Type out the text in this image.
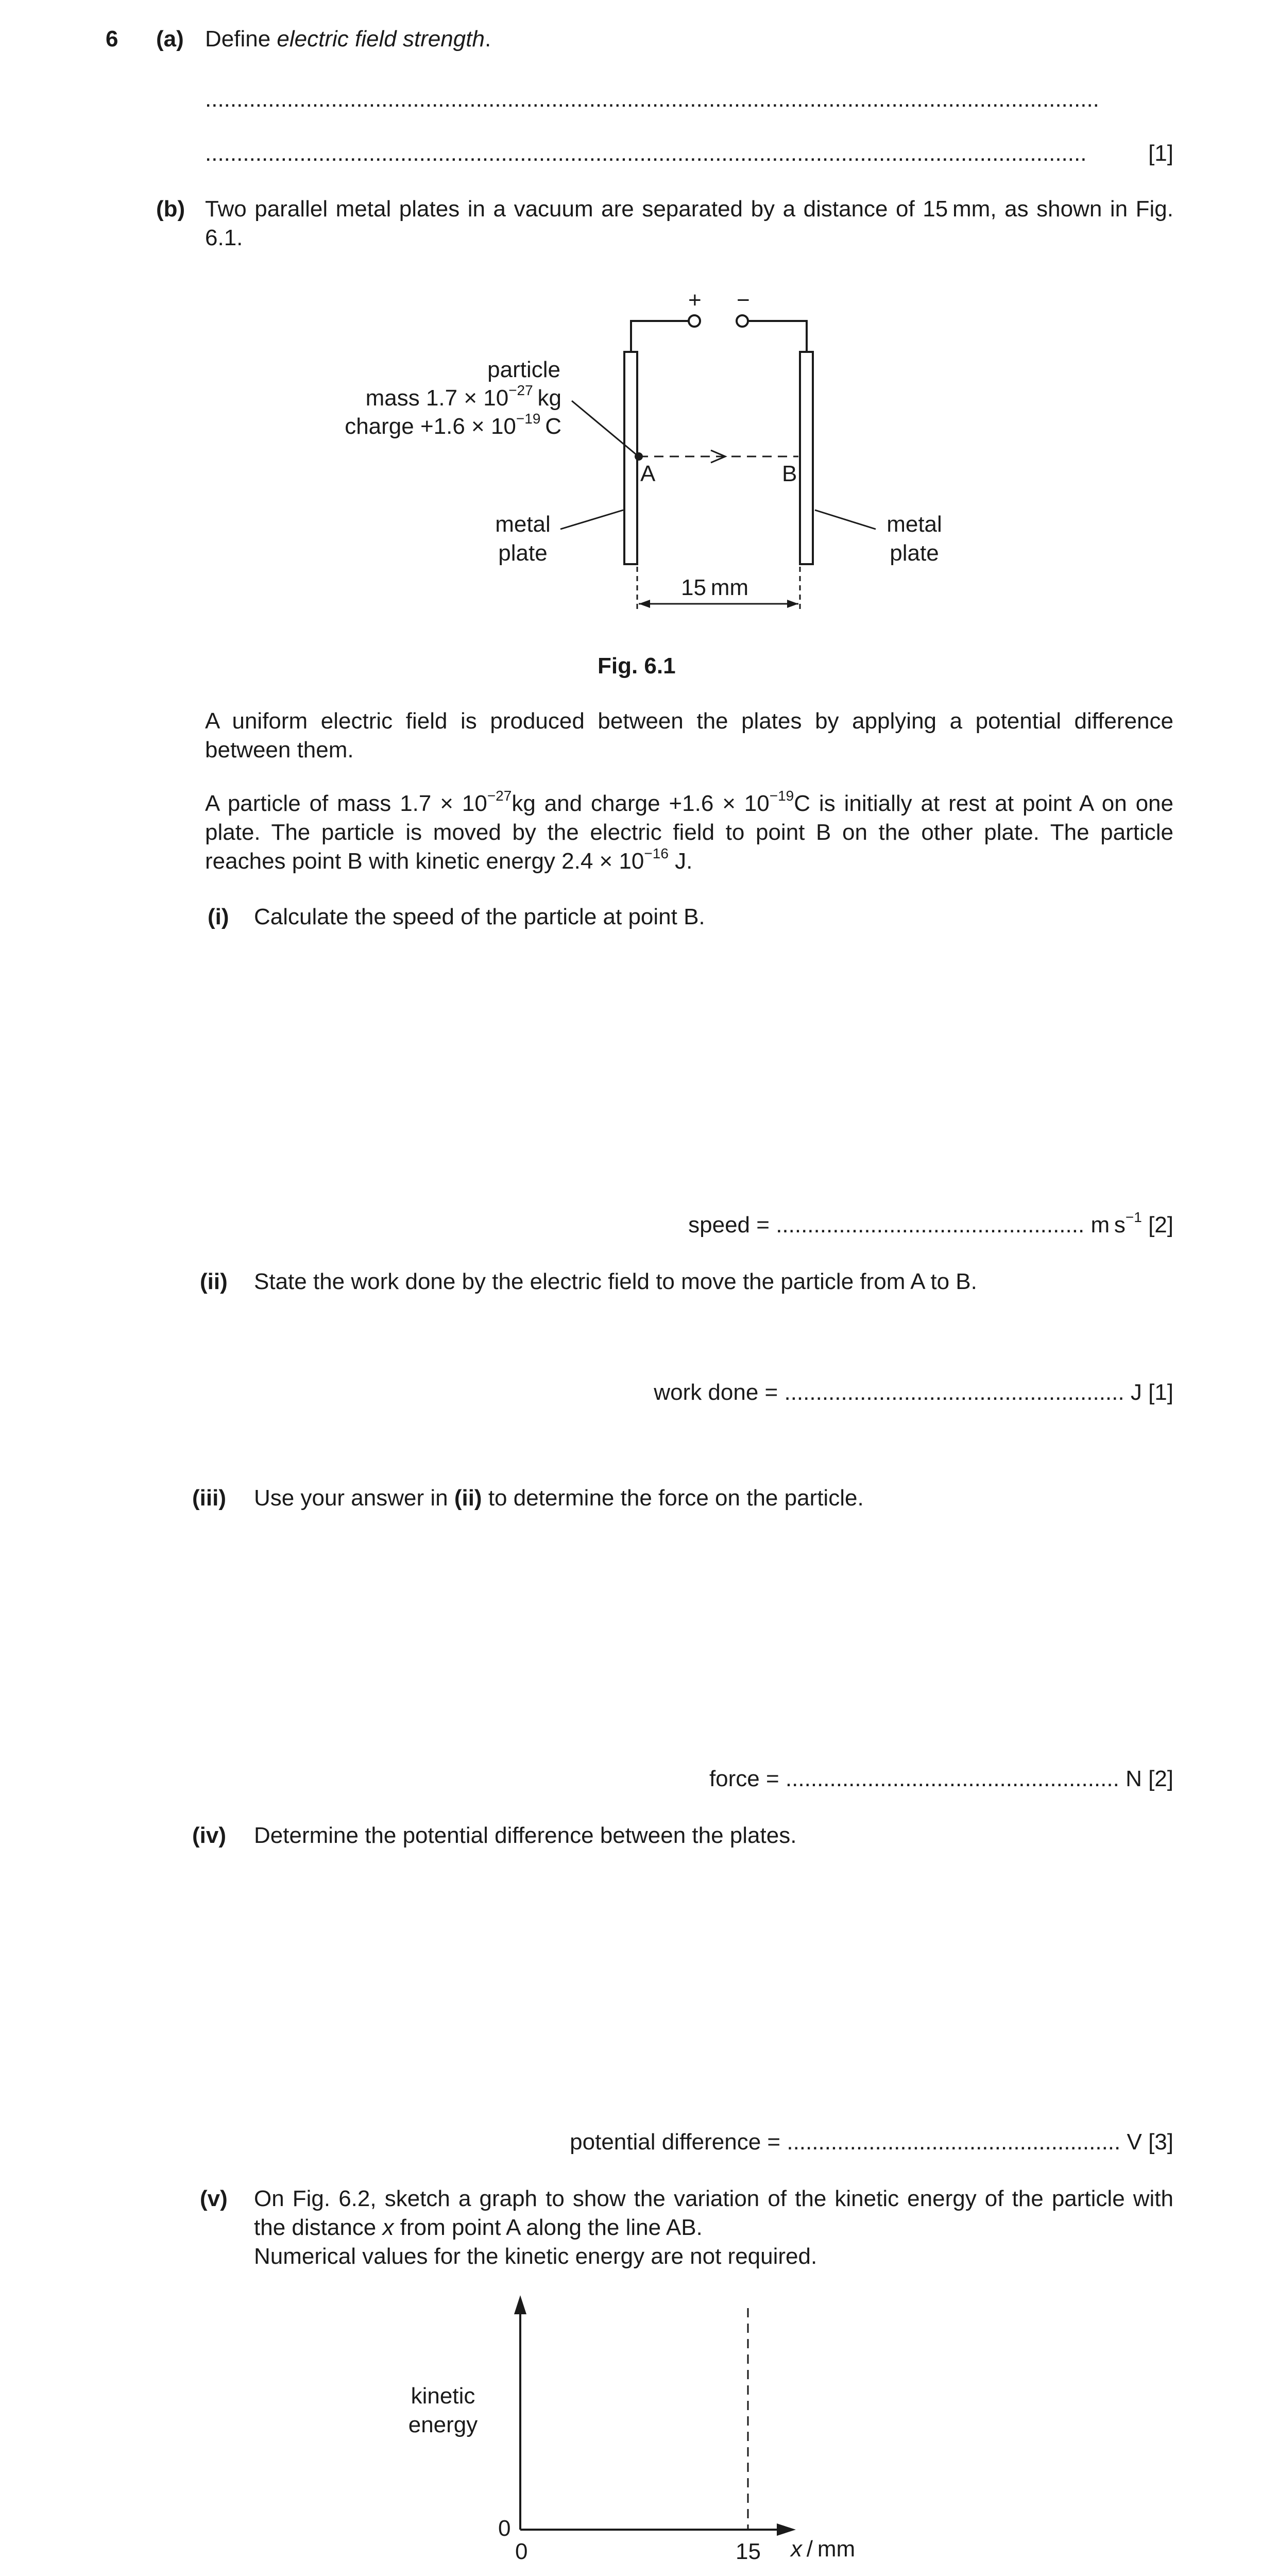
6 (a) Define electric field strength.
..............................................................................................................................................
............................................................................................................................................	[1]
(b) Two parallel metal plates in a vacuum are separated by a distance of 15 mm, as shown in Fig. 6.1.
+ −
particle
mass $1.7 \times 10^{-27}$  kg
charge $+1.6 \times 10^{-19}$  C
A	B
metal
plate
metal
plate
15 mm
Fig. 6.1
A uniform electric field is produced between the plates by applying a potential difference between them.
A particle of mass $1.7 \times 10^{-27}kg$ and charge $+1.6 \times 10^{-19}C$ is initially at rest at point A on one plate. The particle is moved by the electric field to point B on the other plate. The particle reaches point B with kinetic energy $2.4 \times 10^{-16}$ J.
(i) Calculate the speed of the particle at point B.
speed = ................................................. m $s^{-1}$ [2]
(ii) State the work done by the electric field to move the particle from A to B.
work done = ...................................................... J [1]
(iii) Use your answer in (ii) to determine the force on the particle.
force = ..................................................... N [2]
(iv) Determine the potential difference between the plates.
potential difference = ..................................................... V [3]
(v) On Fig. 6.2, sketch a graph to show the variation of the kinetic energy of the particle with
the distance x from point A along the line AB.
Numerical values for the kinetic energy are not required.
kinetic
energy
0
0	15 x / mm
